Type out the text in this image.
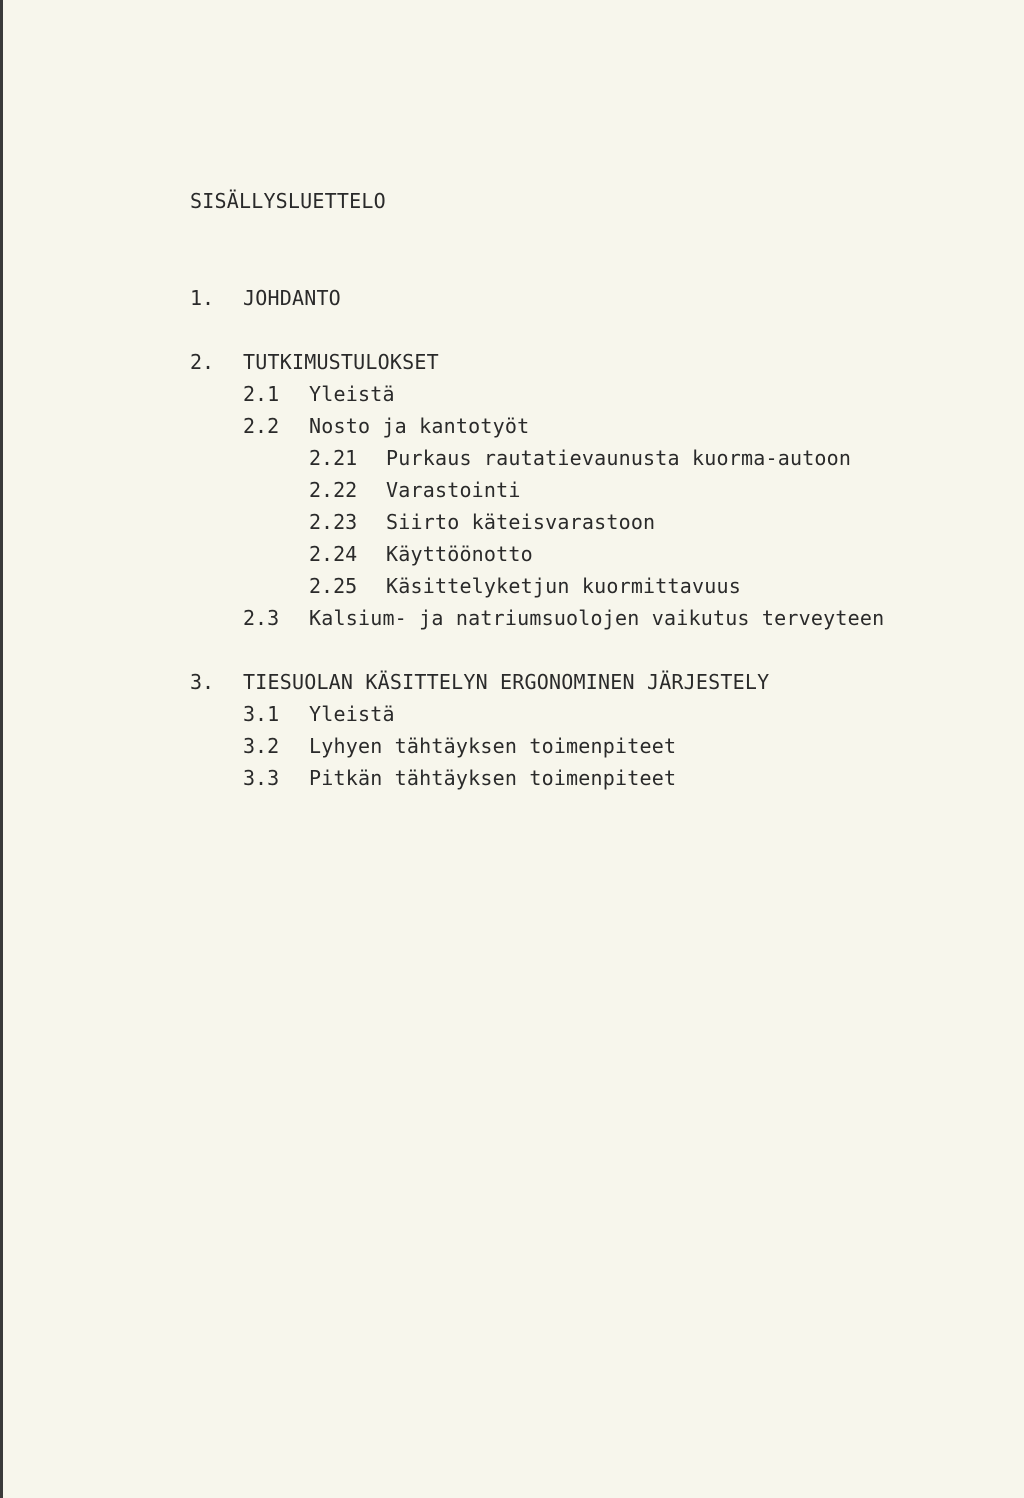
SISÄLLYSLUETTELO
1. JOHDANTO
2. TUTKIMUSTULOKSET
2.1 Yleistä
2.2 Nosto ja kantotyöt
2.21 Purkaus rautatievaunusta kuorma-autoon
2.22 Varastointi
2.23 Siirto käteisvarastoon
2.24 Käyttöönotto
2.25 Käsittelyketjun kuormittavuus
2.3 Kalsium- ja natriumsuolojen vaikutus terveyteen
3. TIESUOLAN KÄSITTELYN ERGONOMINEN JÄRJESTELY
3.1 Yleistä
3.2 Lyhyen tähtäyksen toimenpiteet
3.3 Pitkän tähtäyksen toimenpiteet
